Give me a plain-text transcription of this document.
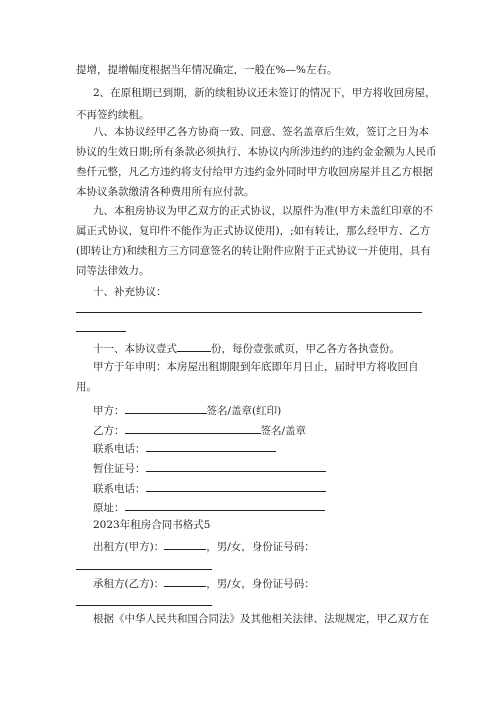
提增，提增幅度根据当年情况确定，一般在%—%左右。
2、在原租期已到期，新的续租协议还未签订的情况下，甲方将收回房屋，
不再签约续租。
八、本协议经甲乙各方协商一致、同意、签名盖章后生效，签订之日为本
协议的生效日期;所有条款必须执行、本协议内所涉违约的违约金金额为人民币
叁仟元整，凡乙方违约将支付给甲方违约金外同时甲方收回房屋并且乙方根据
本协议条款缴清各种费用所有应付款。
九、本租房协议为甲乙双方的正式协议，以原件为准(甲方未盖红印章的不
属正式协议，复印件不能作为正式协议使用)，;如有转让，那么经甲方、乙方
(即转让方)和续租方三方同意签名的转让附件应附于正式协议一并使用，具有
同等法律效力。
十、补充协议：
十一、本协议壹式	份，每份壹张贰页，甲乙各方各执壹份。
甲方于年申明：本房屋出租期限到年底即年月日止，届时甲方将收回自
用。
甲方：	签名/盖章(红印)
乙方：	签名/盖章
联系电话：
暂住证号：
联系电话：
原址：
2023年租房合同书格式5
出租方(甲方)：	，男/女，身份证号码：
承租方(乙方)：	，男/女，身份证号码：
根据《中华人民共和国合同法》及其他相关法律、法规规定，甲乙双方在
